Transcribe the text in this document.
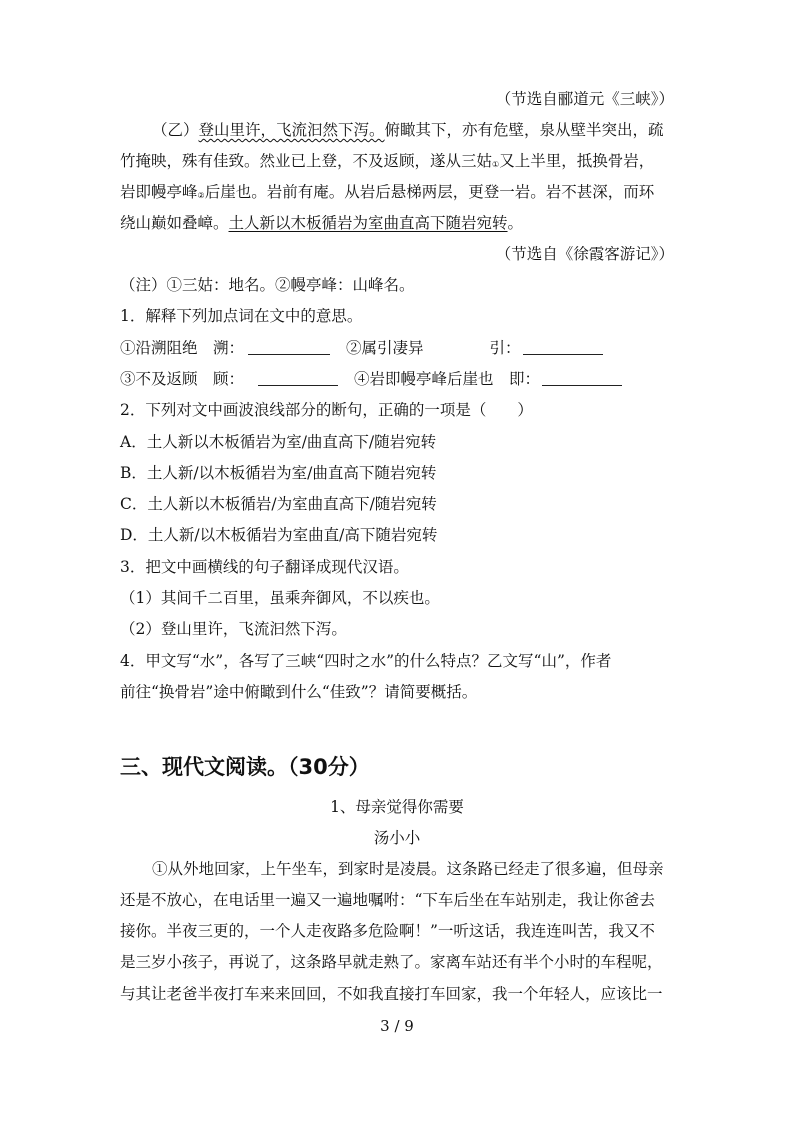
（节选自郦道元《三峡》）
（乙）登山里许，飞流汩然下泻。俯瞰其下，亦有危壁，泉从壁半突出，疏
竹掩映，殊有佳致。然业已上登，不及返顾，遂从三姑①又上半里，抵换骨岩，
岩即幔亭峰②后崖也。岩前有庵。从岩后悬梯两层，更登一岩。岩不甚深，而环
绕山巅如叠嶂。土人新以木板循岩为室曲直高下随岩宛转。
（节选自《徐霞客游记》）
（注）①三姑：地名。②幔亭峰：山峰名。
1．解释下列加点词在文中的意思。
①沿溯阻绝　溯：	②属引凄异	引：
③不及返顾　顾：	④岩即幔亭峰后崖也　即：
2．下列对文中画波浪线部分的断句，正确的一项是（　　）
A．土人新以木板循岩为室/曲直高下/随岩宛转
B．土人新/以木板循岩为室/曲直高下随岩宛转
C．土人新以木板循岩/为室曲直高下/随岩宛转
D．土人新/以木板循岩为室曲直/高下随岩宛转
3．把文中画横线的句子翻译成现代汉语。
（1）其间千二百里，虽乘奔御风，不以疾也。
（2）登山里许，飞流汩然下泻。
4．甲文写“水”，各写了三峡“四时之水”的什么特点？乙文写“山”，作者
前往“换骨岩”途中俯瞰到什么“佳致”？请简要概括。
三、现代文阅读。（30分）
1、母亲觉得你需要
汤小小
①从外地回家，上午坐车，到家时是凌晨。这条路已经走了很多遍，但母亲
还是不放心，在电话里一遍又一遍地嘱咐：“下车后坐在车站别走，我让你爸去
接你。半夜三更的，一个人走夜路多危险啊！”一听这话，我连连叫苦，我又不
是三岁小孩子，再说了，这条路早就走熟了。家离车站还有半个小时的车程呢，
与其让老爸半夜打车来来回回，不如我直接打车回家，我一个年轻人，应该比一
3 / 9
